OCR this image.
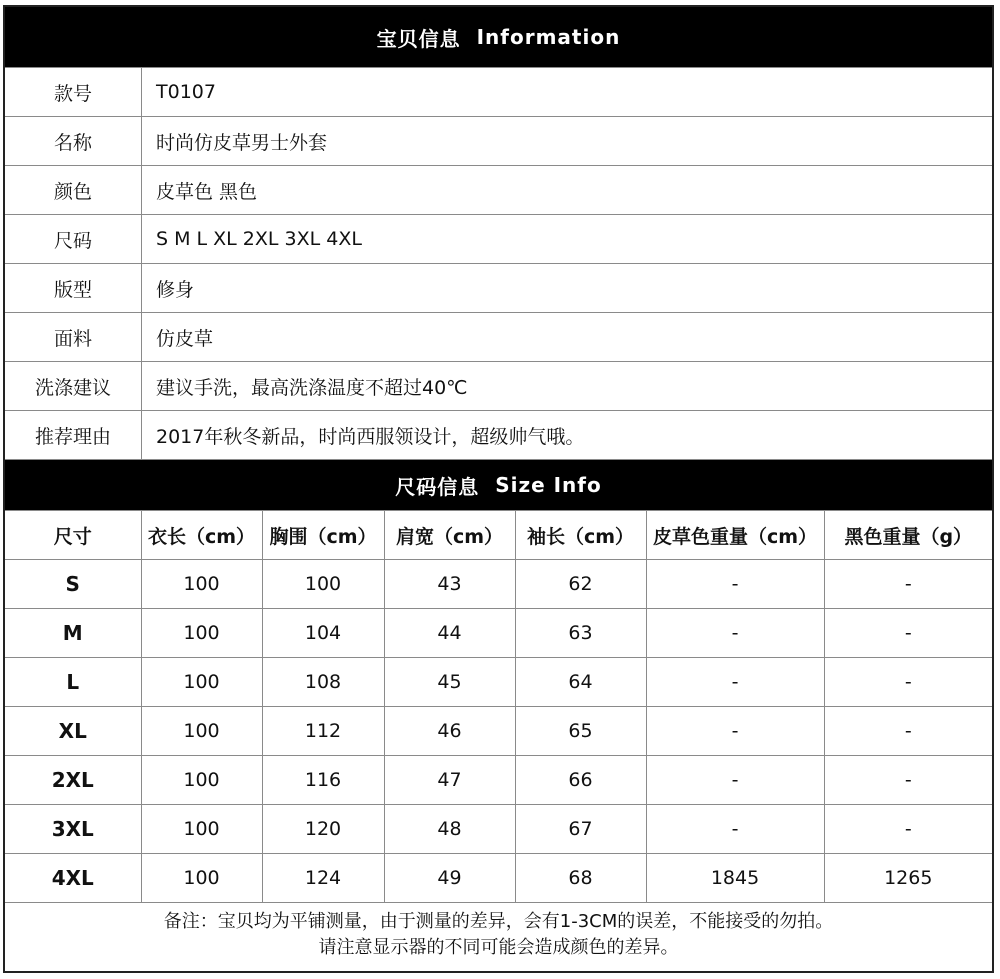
宝贝信息
Information
款号	T0107
名称	时尚仿皮草男士外套
颜色	皮草色 黑色
尺码	S M L XL 2XL 3XL 4XL
版型	修身
面料	仿皮草
洗涤建议	建议手洗，最高洗涤温度不超过40℃
推荐理由	2017年秋冬新品，时尚西服领设计，超级帅气哦。
尺码信息
Size Info
尺寸	衣长（cm）	胸围（cm）	肩宽（cm）	袖长（cm）	皮草色重量（cm）	黑色重量（g）
S	100	100	43	62	-	-
M	100	104	44	63	-	-
L	100	108	45	64	-	-
XL	100	112	46	65	-	-
2XL	100	116	47	66	-	-
3XL	100	120	48	67	-	-
4XL	100	124	49	68	1845	1265
备注：宝贝均为平铺测量，由于测量的差异，会有1-3CM的误差，不能接受的勿拍。
请注意显示器的不同可能会造成颜色的差异。
